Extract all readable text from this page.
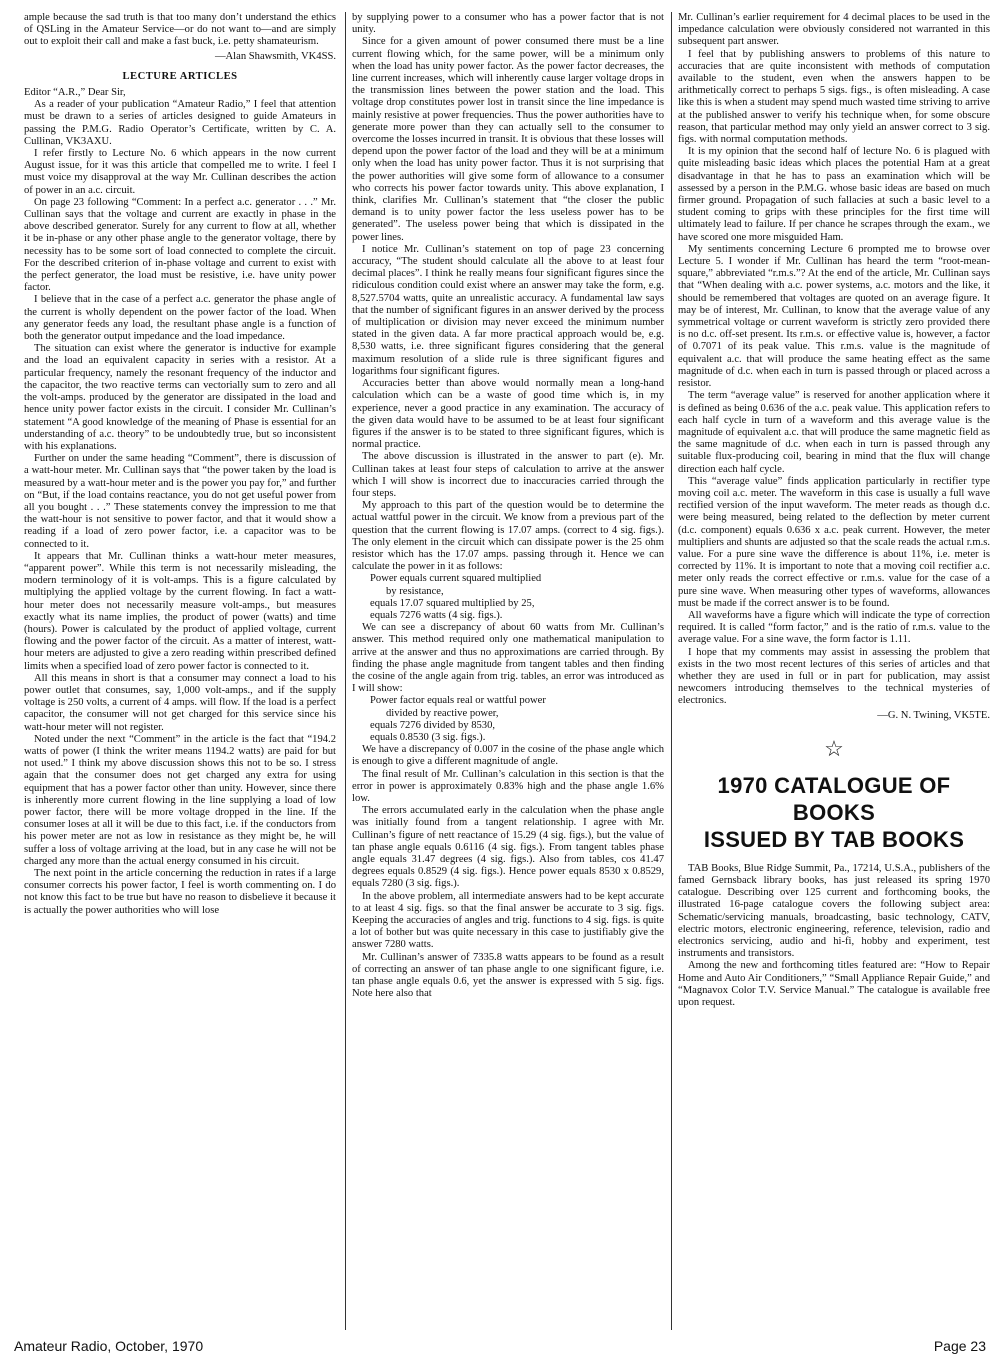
ample because the sad truth is that too many don’t understand the ethics of QSLing in the Amateur Service—or do not want to—and are simply out to exploit their call and make a fast buck, i.e. petty shamateurism.

—Alan Shawsmith, VK4SS.

LECTURE ARTICLES

Editor “A.R.,” Dear Sir,

As a reader of your publication “Amateur Radio,” I feel that attention must be drawn to a series of articles designed to guide Amateurs in passing the P.M.G. Radio Operator’s Certificate, written by C. A. Cullinan, VK3AXU.

I refer firstly to Lecture No. 6 which appears in the now current August issue, for it was this article that compelled me to write. I feel I must voice my disapproval at the way Mr. Cullinan describes the action of power in an a.c. circuit.

On page 23 following “Comment: In a perfect a.c. generator . . .” Mr. Cullinan says that the voltage and current are exactly in phase in the above described generator. Surely for any current to flow at all, whether it be in-phase or any other phase angle to the generator voltage, there by necessity has to be some sort of load connected to complete the circuit. For the described criterion of in-phase voltage and current to exist with the perfect generator, the load must be resistive, i.e. have unity power factor.

I believe that in the case of a perfect a.c. generator the phase angle of the current is wholly dependent on the power factor of the load. When any generator feeds any load, the resultant phase angle is a function of both the generator output impedance and the load impedance.

The situation can exist where the generator is inductive for example and the load an equivalent capacity in series with a resistor. At a particular frequency, namely the resonant frequency of the inductor and the capacitor, the two reactive terms can vectorially sum to zero and all the volt-amps. produced by the generator are dissipated in the load and hence unity power factor exists in the circuit. I consider Mr. Cullinan’s statement “A good knowledge of the meaning of Phase is essential for an understanding of a.c. theory” to be undoubtedly true, but so inconsistent with his explanations.

Further on under the same heading “Comment”, there is discussion of a watt-hour meter. Mr. Cullinan says that “the power taken by the load is measured by a watt-hour meter and is the power you pay for,” and further on “But, if the load contains reactance, you do not get useful power from all you bought . . .” These statements convey the impression to me that the watt-hour is not sensitive to power factor, and that it would show a reading if a load of zero power factor, i.e. a capacitor was to be connected to it.

It appears that Mr. Cullinan thinks a watt-hour meter measures, “apparent power”. While this term is not necessarily misleading, the modern terminology of it is volt-amps. This is a figure calculated by multiplying the applied voltage by the current flowing. In fact a watt-hour meter does not necessarily measure volt-amps., but measures exactly what its name implies, the product of power (watts) and time (hours). Power is calculated by the product of applied voltage, current flowing and the power factor of the circuit. As a matter of interest, watt-hour meters are adjusted to give a zero reading within prescribed defined limits when a specified load of zero power factor is connected to it.

All this means in short is that a consumer may connect a load to his power outlet that consumes, say, 1,000 volt-amps., and if the supply voltage is 250 volts, a current of 4 amps. will flow. If the load is a perfect capacitor, the consumer will not get charged for this service since his watt-hour meter will not register.

Noted under the next “Comment” in the article is the fact that “194.2 watts of power (I think the writer means 1194.2 watts) are paid for but not used.” I think my above discussion shows this not to be so. I stress again that the consumer does not get charged any extra for using equipment that has a power factor other than unity. However, since there is inherently more current flowing in the line supplying a load of low power factor, there will be more voltage dropped in the line. If the consumer loses at all it will be due to this fact, i.e. if the conductors from his power meter are not as low in resistance as they might be, he will suffer a loss of voltage arriving at the load, but in any case he will not be charged any more than the actual energy consumed in his circuit.

The next point in the article concerning the reduction in rates if a large consumer corrects his power factor, I feel is worth commenting on. I do not know this fact to be true but have no reason to disbelieve it because it is actually the power authorities who will lose

by supplying power to a consumer who has a power factor that is not unity.

Since for a given amount of power consumed there must be a line current flowing which, for the same power, will be a minimum only when the load has unity power factor. As the power factor decreases, the line current increases, which will inherently cause larger voltage drops in the transmission lines between the power station and the load. This voltage drop constitutes power lost in transit since the line impedance is mainly resistive at power frequencies. Thus the power authorities have to generate more power than they can actually sell to the consumer to overcome the losses incurred in transit. It is obvious that these losses will depend upon the power factor of the load and they will be at a minimum only when the load has unity power factor. Thus it is not surprising that the power authorities will give some form of allowance to a consumer who corrects his power factor towards unity. This above explanation, I think, clarifies Mr. Cullinan’s statement that “the closer the public demand is to unity power factor the less useless power has to be generated”. The useless power being that which is dissipated in the power lines.

I notice Mr. Cullinan’s statement on top of page 23 concerning accuracy, “The student should calculate all the above to at least four decimal places”. I think he really means four significant figures since the ridiculous condition could exist where an answer may take the form, e.g. 8,527.5704 watts, quite an unrealistic accuracy. A fundamental law says that the number of significant figures in an answer derived by the process of multiplication or division may never exceed the minimum number stated in the given data. A far more practical approach would be, e.g. 8,530 watts, i.e. three significant figures considering that the general maximum resolution of a slide rule is three significant figures and logarithms four significant figures.

Accuracies better than above would normally mean a long-hand calculation which can be a waste of good time which is, in my experience, never a good practice in any examination. The accuracy of the given data would have to be assumed to be at least four significant figures if the answer is to be stated to three significant figures, which is normal practice.

The above discussion is illustrated in the answer to part (e). Mr. Cullinan takes at least four steps of calculation to arrive at the answer which I will show is incorrect due to inaccuracies carried through the four steps.

My approach to this part of the question would be to determine the actual wattful power in the circuit. We know from a previous part of the question that the current flowing is 17.07 amps. (correct to 4 sig. figs.). The only element in the circuit which can dissipate power is the 25 ohm resistor which has the 17.07 amps. passing through it. Hence we can calculate the power in it as follows:

Power equals current squared multiplied

by resistance,

equals 17.07 squared multiplied by 25,

equals 7276 watts (4 sig. figs.).

We can see a discrepancy of about 60 watts from Mr. Cullinan’s answer. This method required only one mathematical manipulation to arrive at the answer and thus no approximations are carried through. By finding the phase angle magnitude from tangent tables and then finding the cosine of the angle again from trig. tables, an error was introduced as I will show:

Power factor equals real or wattful power

divided by reactive power,

equals 7276 divided by 8530,

equals 0.8530 (3 sig. figs.).

We have a discrepancy of 0.007 in the cosine of the phase angle which is enough to give a different magnitude of angle.

The final result of Mr. Cullinan’s calculation in this section is that the error in power is approximately 0.83% high and the phase angle 1.6% low.

The errors accumulated early in the calculation when the phase angle was initially found from a tangent relationship. I agree with Mr. Cullinan’s figure of nett reactance of 15.29 (4 sig. figs.), but the value of tan phase angle equals 0.6116 (4 sig. figs.). From tangent tables phase angle equals 31.47 degrees (4 sig. figs.). Also from tables, cos 41.47 degrees equals 0.8529 (4 sig. figs.). Hence power equals 8530 x 0.8529, equals 7280 (3 sig. figs.).

In the above problem, all intermediate answers had to be kept accurate to at least 4 sig. figs. so that the final answer be accurate to 3 sig. figs. Keeping the accuracies of angles and trig. functions to 4 sig. figs. is quite a lot of bother but was quite necessary in this case to justifiably give the answer 7280 watts.

Mr. Cullinan’s answer of 7335.8 watts appears to be found as a result of correcting an answer of tan phase angle to one significant figure, i.e. tan phase angle equals 0.6, yet the answer is expressed with 5 sig. figs. Note here also that

Mr. Cullinan’s earlier requirement for 4 decimal places to be used in the impedance calculation were obviously considered not warranted in this subsequent part answer.

I feel that by publishing answers to problems of this nature to accuracies that are quite inconsistent with methods of computation available to the student, even when the answers happen to be arithmetically correct to perhaps 5 sigs. figs., is often misleading. A case like this is when a student may spend much wasted time striving to arrive at the published answer to verify his technique when, for some obscure reason, that particular method may only yield an answer correct to 3 sig. figs. with normal computation methods.

It is my opinion that the second half of lecture No. 6 is plagued with quite misleading basic ideas which places the potential Ham at a great disadvantage in that he has to pass an examination which will be assessed by a person in the P.M.G. whose basic ideas are based on much firmer ground. Propagation of such fallacies at such a basic level to a student coming to grips with these principles for the first time will ultimately lead to failure. If per chance he scrapes through the exam., we have scored one more misguided Ham.

My sentiments concerning Lecture 6 prompted me to browse over Lecture 5. I wonder if Mr. Cullinan has heard the term “root-mean-square,” abbreviated “r.m.s.”? At the end of the article, Mr. Cullinan says that “When dealing with a.c. power systems, a.c. motors and the like, it should be remembered that voltages are quoted on an average figure. It may be of interest, Mr. Cullinan, to know that the average value of any symmetrical voltage or current waveform is strictly zero provided there is no d.c. off-set present. Its r.m.s. or effective value is, however, a factor of 0.7071 of its peak value. This r.m.s. value is the magnitude of equivalent a.c. that will produce the same heating effect as the same magnitude of d.c. when each in turn is passed through or placed across a resistor.

The term “average value” is reserved for another application where it is defined as being 0.636 of the a.c. peak value. This application refers to each half cycle in turn of a waveform and this average value is the magnitude of equivalent a.c. that will produce the same magnetic field as the same magnitude of d.c. when each in turn is passed through any suitable flux-producing coil, bearing in mind that the flux will change direction each half cycle.

This “average value” finds application particularly in rectifier type moving coil a.c. meter. The waveform in this case is usually a full wave rectified version of the input waveform. The meter reads as though d.c. were being measured, being related to the deflection by meter current (d.c. component) equals 0.636 x a.c. peak current. However, the meter multipliers and shunts are adjusted so that the scale reads the actual r.m.s. value. For a pure sine wave the difference is about 11%, i.e. meter is corrected by 11%. It is important to note that a moving coil rectifier a.c. meter only reads the correct effective or r.m.s. value for the case of a pure sine wave. When measuring other types of waveforms, allowances must be made if the correct answer is to be found.

All waveforms have a figure which will indicate the type of correction required. It is called “form factor,” and is the ratio of r.m.s. value to the average value. For a sine wave, the form factor is 1.11.

I hope that my comments may assist in assessing the problem that exists in the two most recent lectures of this series of articles and that whether they are used in full or in part for publication, may assist newcomers introducing themselves to the technical mysteries of electronics.

—G. N. Twining, VK5TE.

☆

1970 CATALOGUE OF BOOKS
ISSUED BY TAB BOOKS

TAB Books, Blue Ridge Summit, Pa., 17214, U.S.A., publishers of the famed Gernsback library books, has just released its spring 1970 catalogue. Describing over 125 current and forthcoming books, the illustrated 16-page catalogue covers the following subject area: Schematic/servicing manuals, broadcasting, basic technology, CATV, electric motors, electronic engineering, reference, television, radio and electronics servicing, audio and hi-fi, hobby and experiment, test instruments and transistors.

Among the new and forthcoming titles featured are: “How to Repair Home and Auto Air Conditioners,” “Small Appliance Repair Guide,” and “Magnavox Color T.V. Service Manual.” The catalogue is available free upon request.

Amateur Radio, October, 1970	Page 23
